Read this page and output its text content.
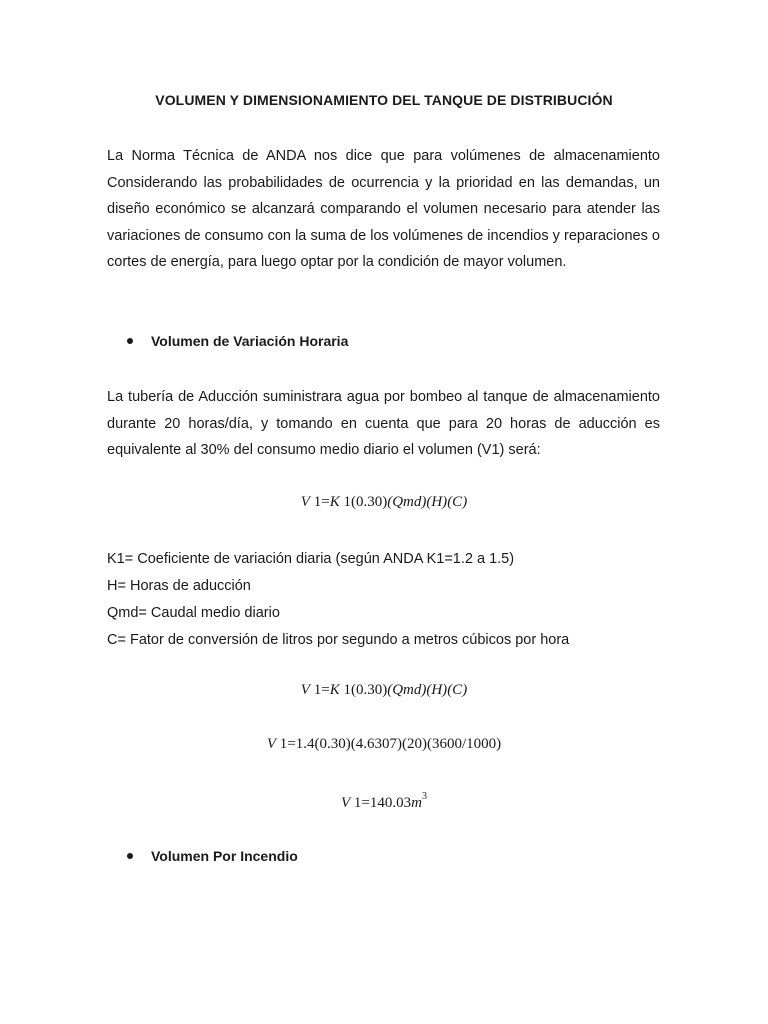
VOLUMEN Y DIMENSIONAMIENTO DEL TANQUE DE DISTRIBUCIÓN
La Norma Técnica de ANDA nos dice que para volúmenes de almacenamiento Considerando las probabilidades de ocurrencia y la prioridad en las demandas, un diseño económico se alcanzará comparando el volumen necesario para atender las variaciones de consumo con la suma de los volúmenes de incendios y reparaciones o cortes de energía, para luego optar por la condición de mayor volumen.
Volumen de Variación Horaria
La tubería de Aducción suministrara agua por bombeo al tanque de almacenamiento durante 20 horas/día, y tomando en cuenta que para 20 horas de aducción es equivalente al 30% del consumo medio diario el volumen (V1) será:
V 1=K 1(0.30)(Qmd)(H)(C)
K1= Coeficiente de variación diaria (según ANDA K1=1.2 a 1.5)
H= Horas de aducción
Qmd= Caudal medio diario
C= Fator de conversión de litros por segundo a metros cúbicos por hora
V 1=K 1(0.30)(Qmd)(H)(C)
V 1=1.4(0.30)(4.6307)(20)(3600/1000)
V $1=140.03m^3$
Volumen Por Incendio
